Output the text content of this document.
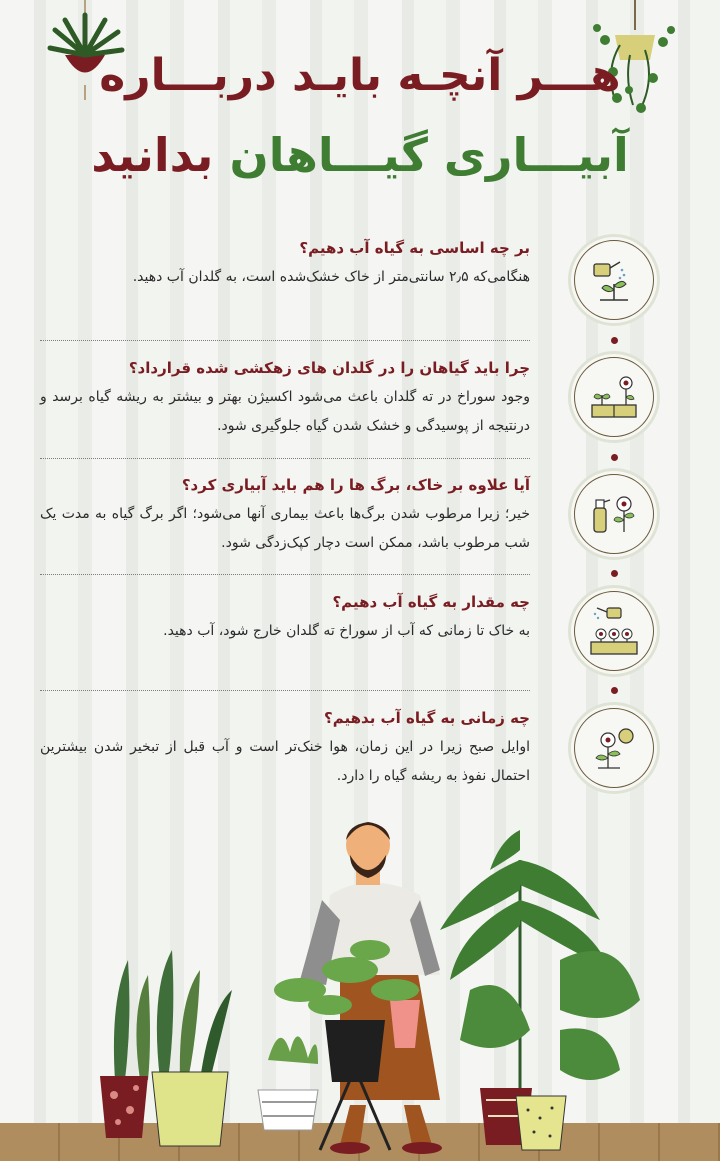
هـــر آنچـه بایـد دربـــاره
آبیـــاری گیـــاهان بدانید
بر چه اساسی به گیاه آب دهیم؟
هنگامی‌که ۲٫۵ سانتی‌متر از خاک خشک‌شده است، به گلدان آب دهید.
چرا باید گیاهان را در گلدان های زهکشی شده قرارداد؟
وجود سوراخ در ته گلدان باعث می‌شود اکسیژن بهتر و بیشتر به ریشه گیاه برسد و درنتیجه از پوسیدگی و خشک شدن گیاه جلوگیری شود.
آیا علاوه بر خاک، برگ ها را هم باید آبیاری کرد؟
خیر؛ زیرا مرطوب شدن برگ‌ها باعث بیماری آنها می‌شود؛ اگر برگ گیاه به مدت یک شب مرطوب باشد، ممکن است دچار کپک‌زدگی شود.
چه مقدار به گیاه آب دهیم؟
به خاک تا زمانی که آب از سوراخ ته گلدان خارج شود، آب دهید.
چه زمانی به گیاه آب بدهیم؟
اوایل صبح زیرا در این زمان، هوا خنک‌تر است و آب قبل از تبخیر شدن بیشترین احتمال نفوذ به ریشه گیاه را دارد.
